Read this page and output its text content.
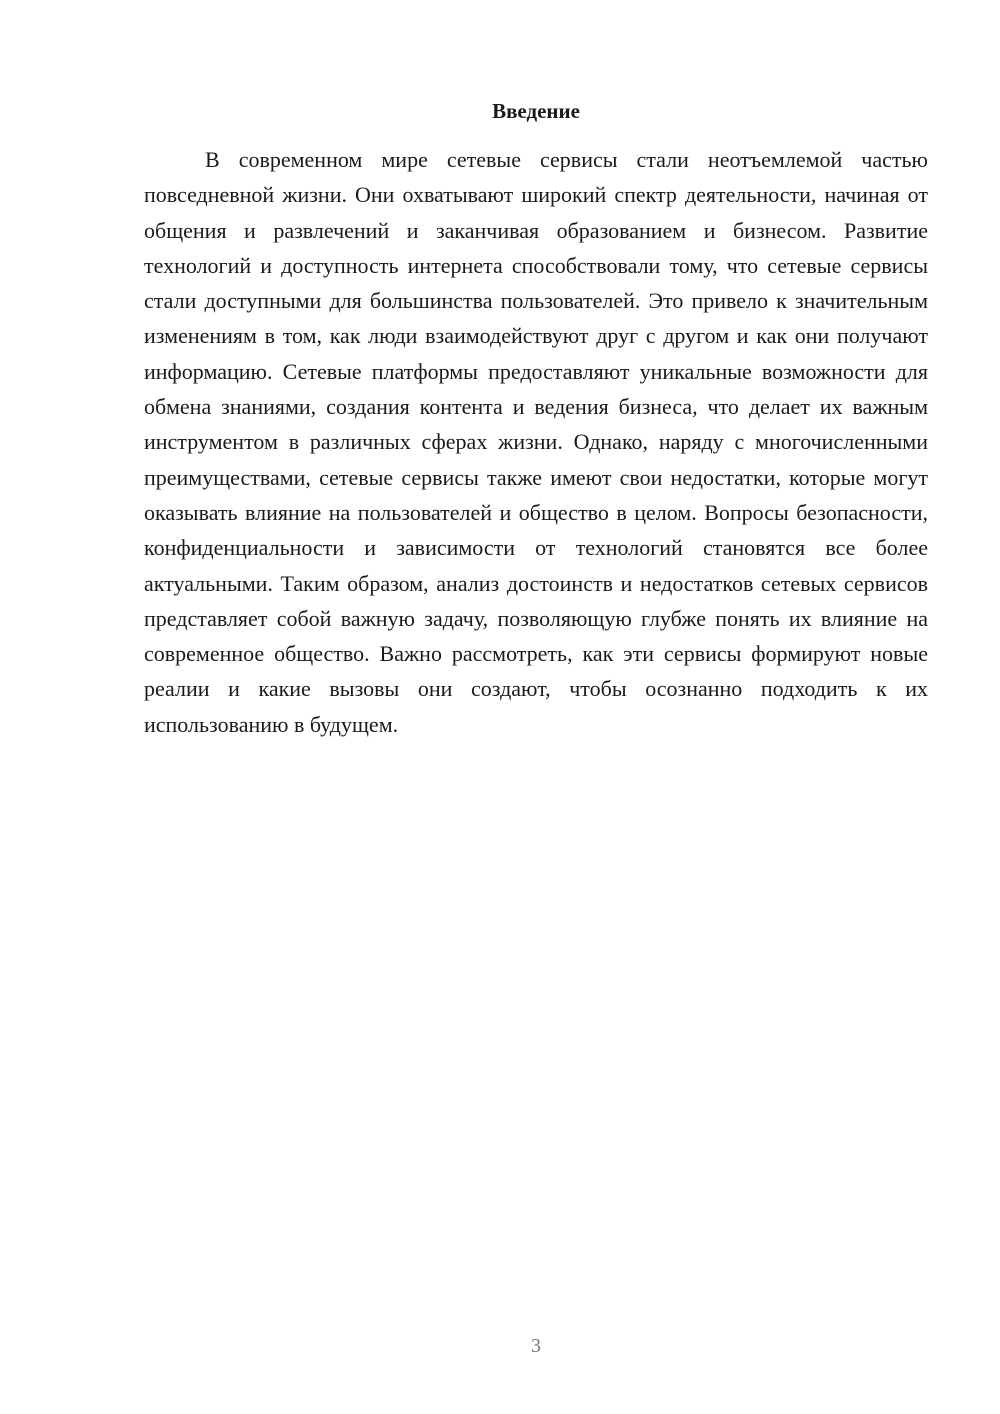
Введение

В современном мире сетевые сервисы стали неотъемлемой частью повседневной жизни. Они охватывают широкий спектр деятельности, начиная от общения и развлечений и заканчивая образованием и бизнесом. Развитие технологий и доступность интернета способствовали тому, что сетевые сервисы стали доступными для большинства пользователей. Это привело к значительным изменениям в том, как люди взаимодействуют друг с другом и как они получают информацию. Сетевые платформы предоставляют уникальные возможности для обмена знаниями, создания контента и ведения бизнеса, что делает их важным инструментом в различных сферах жизни. Однако, наряду с многочисленными преимуществами, сетевые сервисы также имеют свои недостатки, которые могут оказывать влияние на пользователей и общество в целом. Вопросы безопасности, конфиденциальности и зависимости от технологий становятся все более актуальными. Таким образом, анализ достоинств и недостатков сетевых сервисов представляет собой важную задачу, позволяющую глубже понять их влияние на современное общество. Важно рассмотреть, как эти сервисы формируют новые реалии и какие вызовы они создают, чтобы осознанно подходить к их использованию в будущем.

3
